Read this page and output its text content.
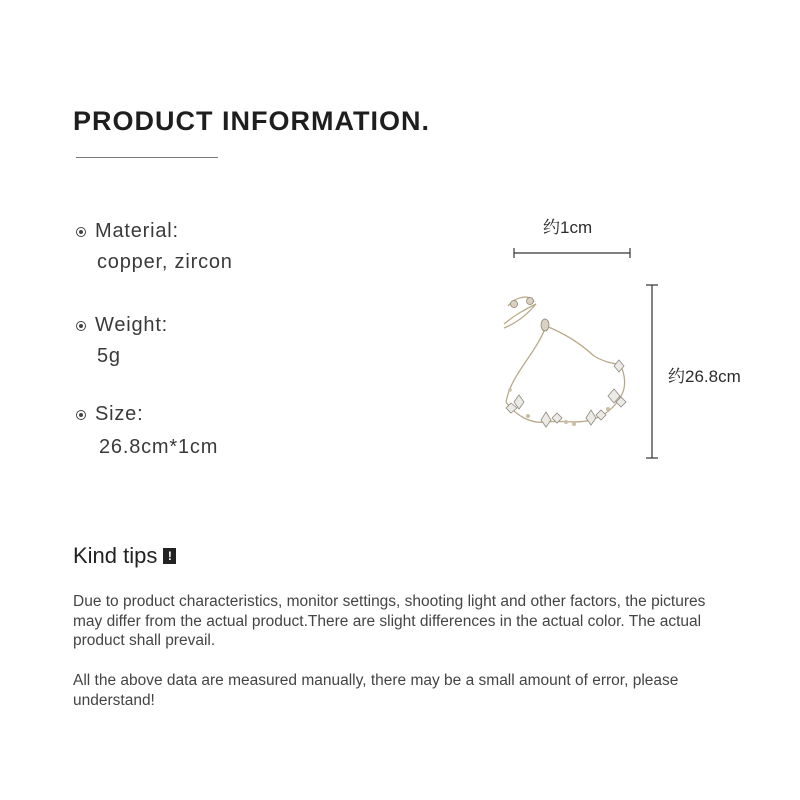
PRODUCT INFORMATION.
Material:
copper, zircon
Weight:
5g
Size:
26.8cm*1cm
约1cm
约26.8cm
Kind tips !

Due to product characteristics, monitor settings, shooting light and other factors, the pictures may differ from the actual product.There are slight differences in the actual color. The actual product shall prevail.

All the above data are measured manually, there may be a small amount of error, please understand!
